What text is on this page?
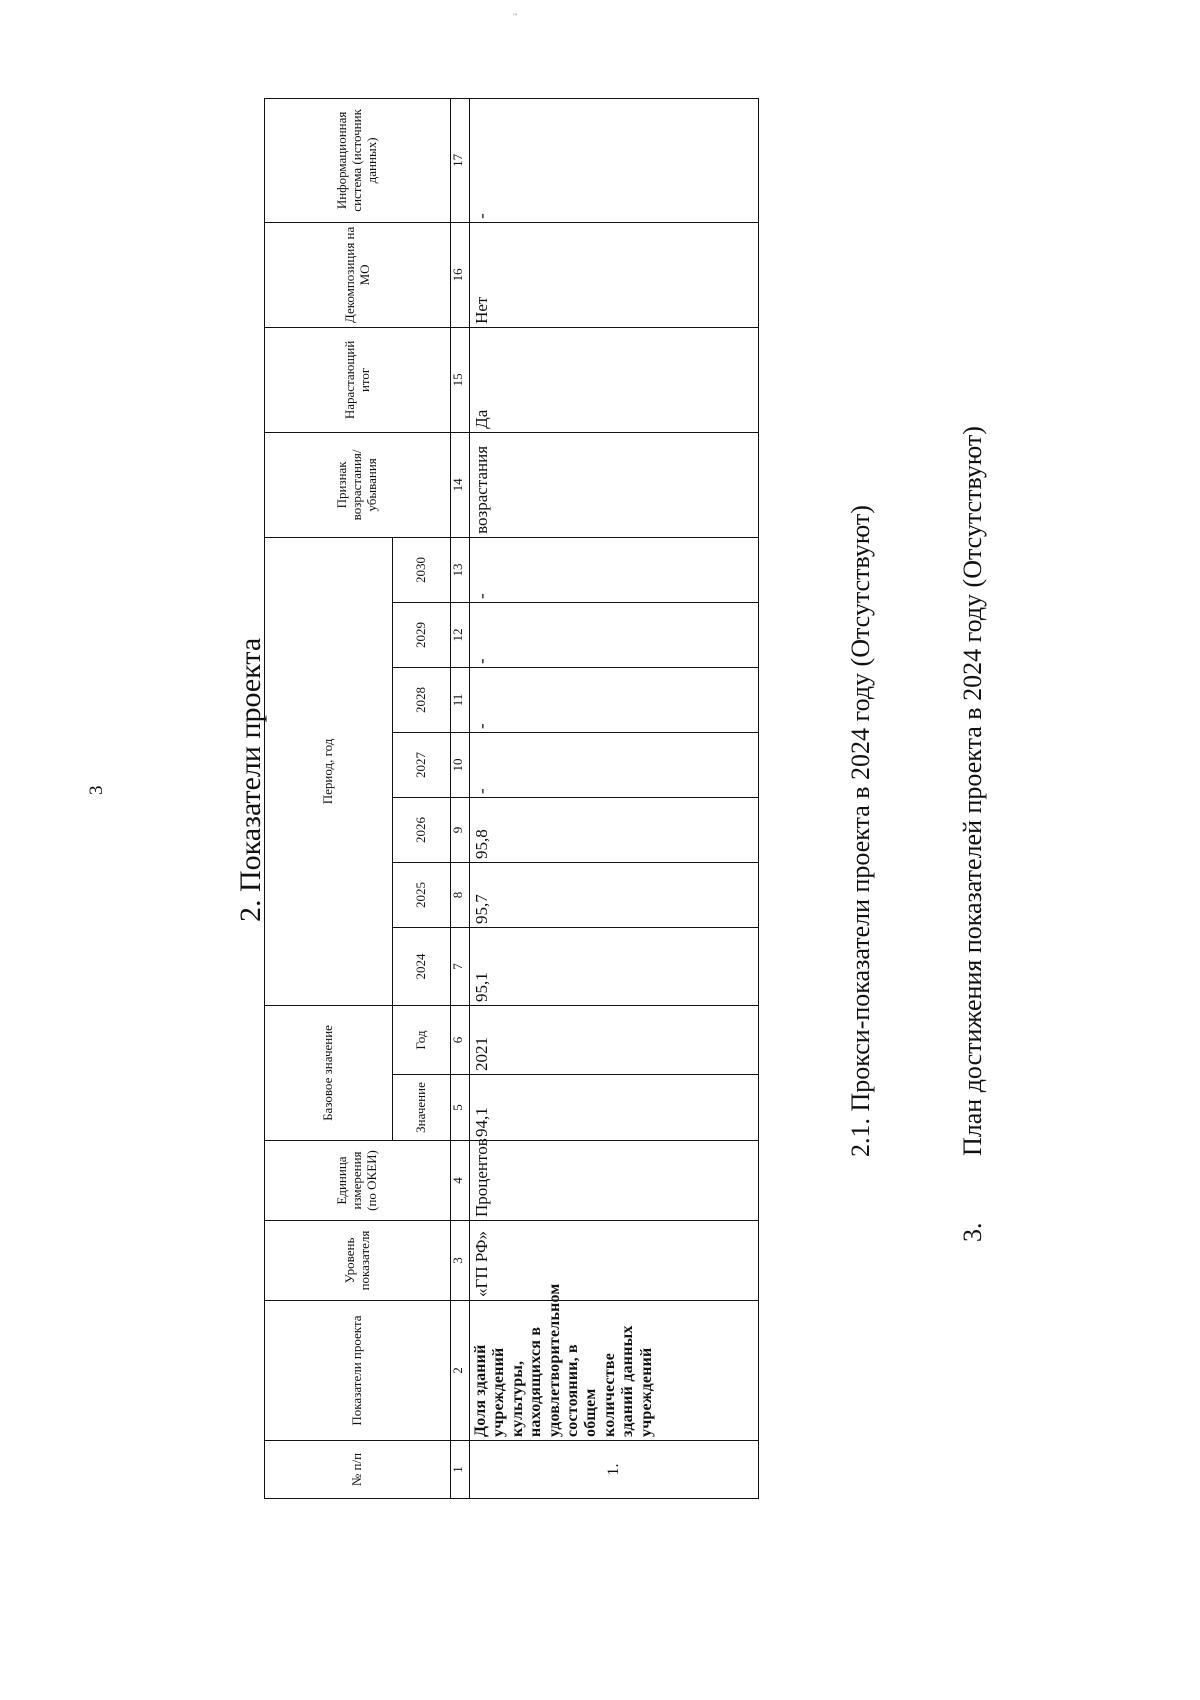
'''
3	2. Показатели проекта
№ п/п	Показатели проекта	Уровень показателя	Единица измерения (по ОКЕИ)	Базовое значение		Период, год							Признак возрастания/ убывания	Нарастающий итог	Декомпозиция на МО	Информационная система (источник данных)
				Значение	Год	2024	2025	2026	2027	2028	2029	2030				
1	2	3	4	5	6	7	8	9	10	11	12	13	14	15	16	17
1.	Доля зданий учреждений культуры, находящихся в удовлетворительном состоянии, в общем количестве зданий данных учреждений	«ГП РФ»	Процентов	94,1	2021	95,1	95,7	95,8	-	-	-	-	возрастания	Да	Нет	-
2.1. Прокси-показатели проекта в 2024 году (Отсутствуют)
3.
План достижения показателей проекта в 2024 году (Отсутствуют)
